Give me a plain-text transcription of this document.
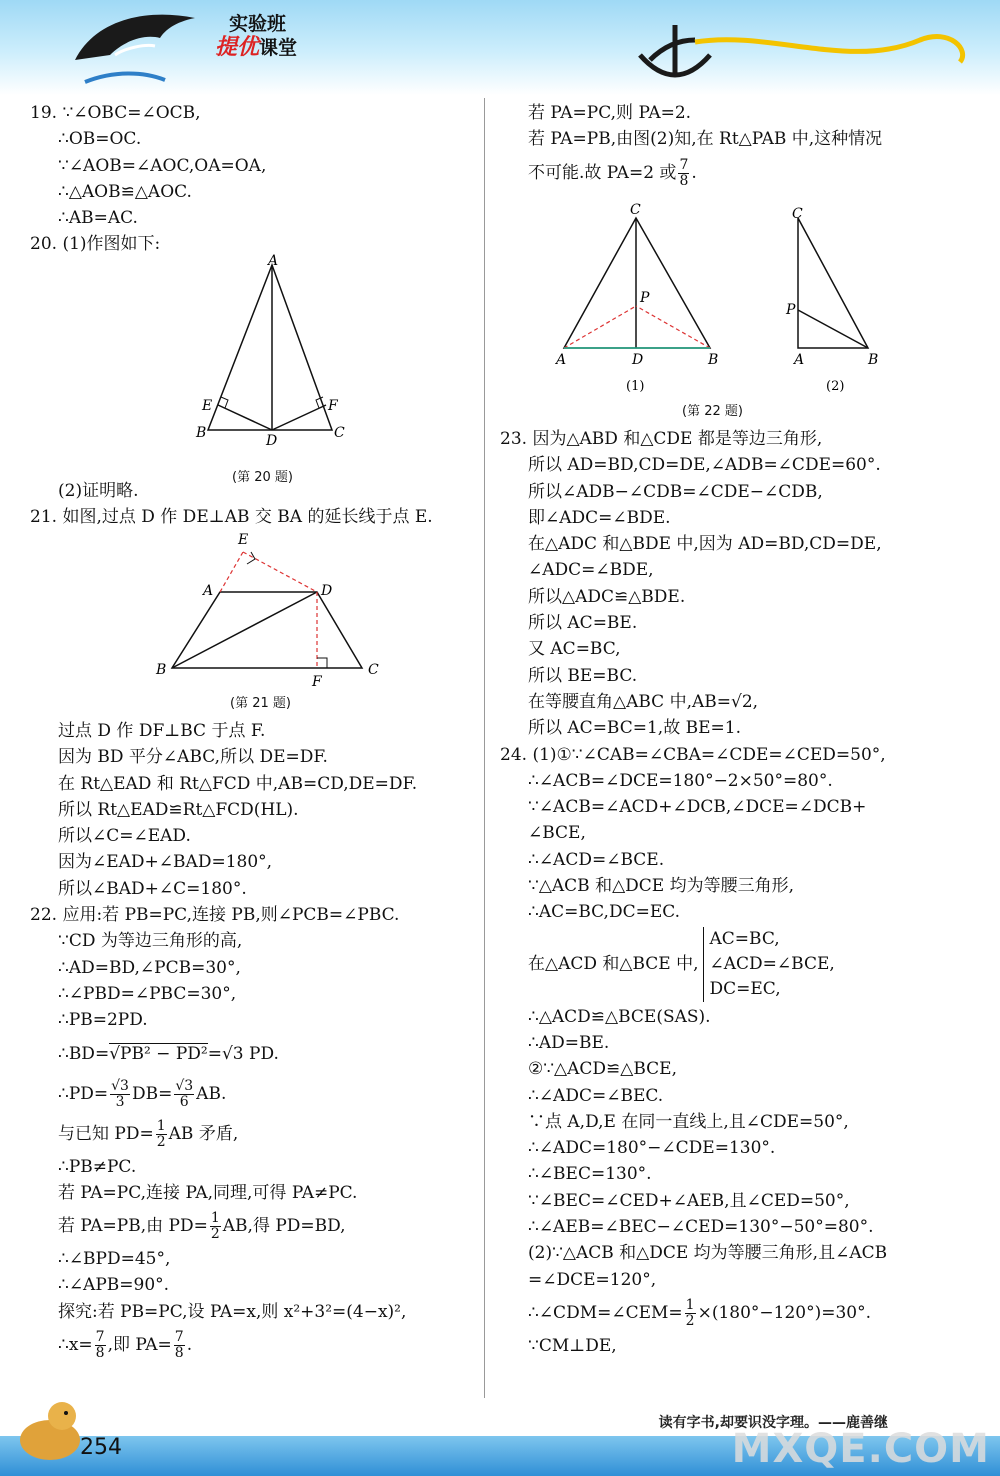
实验班
提优课堂
19. ∵∠OBC=∠OCB,
∴OB=OC.
∵∠AOB=∠AOC,OA=OA,
∴△AOB≌△AOC.
∴AB=AC.
20. (1)作图如下:
A
E	F
B	D	C
(第 20 题)
(2)证明略.
21. 如图,过点 D 作 DE⊥AB 交 BA 的延长线于点 E.
E
A	D
B
F
C
(第 21 题)
过点 D 作 DF⊥BC 于点 F.
因为 BD 平分∠ABC,所以 DE=DF.
在 Rt△EAD 和 Rt△FCD 中,AB=CD,DE=DF.
所以 Rt△EAD≌Rt△FCD(HL).
所以∠C=∠EAD.
因为∠EAD+∠BAD=180°,
所以∠BAD+∠C=180°.
22. 应用:若 PB=PC,连接 PB,则∠PCB=∠PBC.
∵CD 为等边三角形的高,
∴AD=BD,∠PCB=30°,
∴∠PBD=∠PBC=30°,
∴PB=2PD.
∴BD=√PB² − PD²=√3 PD.
∴PD= $\frac{√3}{3} DB= \frac{√3}{6}$ AB.
与已知 $PD= \frac{1}{2}$ AB 矛盾,
∴PB≠PC.
若 PA=PC,连接 PA,同理,可得 PA≠PC.
若 PA=PB,由 $PD= \frac{1}{2}$ AB,得 PD=BD,
∴∠BPD=45°,
∴∠APB=90°.
探究:若 PB=PC,设 PA=x,则 x²+3²=(4−x)²,
∴x= $\frac{7}{8}$ ,即 $PA= \frac{7}{8}$ .
若 PA=PC,则 PA=2.
若 PA=PB,由图(2)知,在 Rt△PAB 中,这种情况
不可能.故 PA=2 或 $\frac{7}{8}$ .
C
P
A	D	B
C
P
A	B
(1)	(2)
(第 22 题)
23. 因为△ABD 和△CDE 都是等边三角形,
所以 AD=BD,CD=DE,∠ADB=∠CDE=60°.
所以∠ADB−∠CDB=∠CDE−∠CDB,
即∠ADC=∠BDE.
在△ADC 和△BDE 中,因为 AD=BD,CD=DE,
∠ADC=∠BDE,
所以△ADC≌△BDE.
所以 AC=BE.
又 AC=BC,
所以 BE=BC.
在等腰直角△ABC 中,AB=√2,
所以 AC=BC=1,故 BE=1.
24. (1)①∵∠CAB=∠CBA=∠CDE=∠CED=50°,
∴∠ACB=∠DCE=180°−2×50°=80°.
∵∠ACB=∠ACD+∠DCB,∠DCE=∠DCB+
∠BCE,
∴∠ACD=∠BCE.
∵△ACB 和△DCE 均为等腰三角形,
∴AC=BC,DC=EC.
在△ACD 和△BCE 中,
AC=BC,
∠ACD=∠BCE,
DC=EC,
∴△ACD≌△BCE(SAS).
∴AD=BE.
②∵△ACD≌△BCE,
∴∠ADC=∠BEC.
∵点 A,D,E 在同一直线上,且∠CDE=50°,
∴∠ADC=180°−∠CDE=130°.
∴∠BEC=130°.
∵∠BEC=∠CED+∠AEB,且∠CED=50°,
∴∠AEB=∠BEC−∠CED=130°−50°=80°.
(2)∵△ACB 和△DCE 均为等腰三角形,且∠ACB
=∠DCE=120°,
∴∠CDM=∠CEM= $\frac{1}{2} \times(180^\circ-120^\circ)=30^\circ$.
∵CM⊥DE,
254
读有字书,却要识没字理。——鹿善继
MXQE.COM
